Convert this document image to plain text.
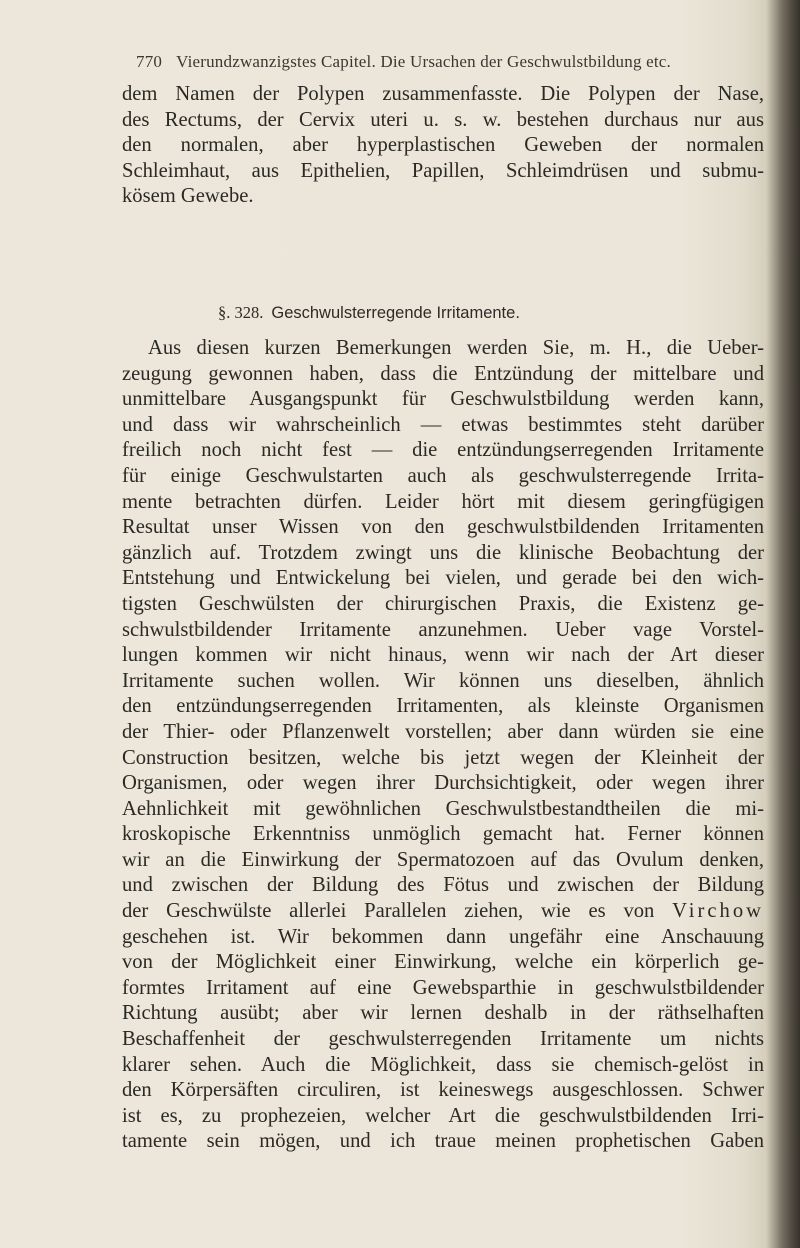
770 Vierundzwanzigstes Capitel. Die Ursachen der Geschwulstbildung etc.
dem Namen der Polypen zusammenfasste. Die Polypen der Nase,
des Rectums, der Cervix uteri u. s. w. bestehen durchaus nur aus
den normalen, aber hyperplastischen Geweben der normalen
Schleimhaut, aus Epithelien, Papillen, Schleimdrüsen und submu-
kösem Gewebe.
§. 328. Geschwulsterregende Irritamente.
Aus diesen kurzen Bemerkungen werden Sie, m. H., die Ueber-
zeugung gewonnen haben, dass die Entzündung der mittelbare und
unmittelbare Ausgangspunkt für Geschwulstbildung werden kann,
und dass wir wahrscheinlich — etwas bestimmtes steht darüber
freilich noch nicht fest — die entzündungserregenden Irritamente
für einige Geschwulstarten auch als geschwulsterregende Irrita-
mente betrachten dürfen. Leider hört mit diesem geringfügigen
Resultat unser Wissen von den geschwulstbildenden Irritamenten
gänzlich auf. Trotzdem zwingt uns die klinische Beobachtung der
Entstehung und Entwickelung bei vielen, und gerade bei den wich-
tigsten Geschwülsten der chirurgischen Praxis, die Existenz ge-
schwulstbildender Irritamente anzunehmen. Ueber vage Vorstel-
lungen kommen wir nicht hinaus, wenn wir nach der Art dieser
Irritamente suchen wollen. Wir können uns dieselben, ähnlich
den entzündungserregenden Irritamenten, als kleinste Organismen
der Thier- oder Pflanzenwelt vorstellen; aber dann würden sie eine
Construction besitzen, welche bis jetzt wegen der Kleinheit der
Organismen, oder wegen ihrer Durchsichtigkeit, oder wegen ihrer
Aehnlichkeit mit gewöhnlichen Geschwulstbestandtheilen die mi-
kroskopische Erkenntniss unmöglich gemacht hat. Ferner können
wir an die Einwirkung der Spermatozoen auf das Ovulum denken,
und zwischen der Bildung des Fötus und zwischen der Bildung
der Geschwülste allerlei Parallelen ziehen, wie es von Virchow
geschehen ist. Wir bekommen dann ungefähr eine Anschauung
von der Möglichkeit einer Einwirkung, welche ein körperlich ge-
formtes Irritament auf eine Gewebsparthie in geschwulstbildender
Richtung ausübt; aber wir lernen deshalb in der räthselhaften
Beschaffenheit der geschwulsterregenden Irritamente um nichts
klarer sehen. Auch die Möglichkeit, dass sie chemisch-gelöst in
den Körpersäften circuliren, ist keineswegs ausgeschlossen. Schwer
ist es, zu prophezeien, welcher Art die geschwulstbildenden Irri-
tamente sein mögen, und ich traue meinen prophetischen Gaben
